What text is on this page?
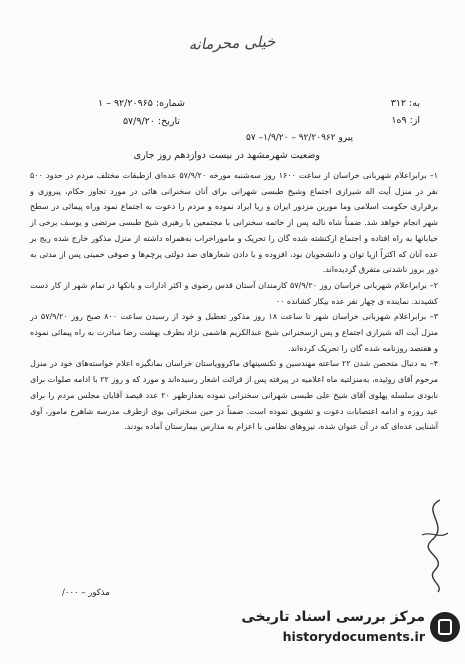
خیلی محرمانه
به: ۳۱۲
از: ۹ه۱
شماره: ۹۲/۲۰۹۶۵ – ۱
تاریخ: ۵۷/۹/۲۰
پیرو ۹۲/۲۰۹۶۲ – ۱/۹/۲۰– ۵۷
وضعیت شهرمشهد در بیست دوازدهم روز جاری

۱– برابراعلام شهربانی خراسان از ساعت ۱۶۰۰ روز سه‌شنبه مورخه ۵۷/۹/۲۰ عده‌ای ازطبقات مختلف مردم در حدود ۵۰۰ نفر در منزل آیت اله شیرازی اجتماع وشیخ طبسی شهرانی برای آنان سخنرانی هائی در مورد تجاوز حکام، پیروزی و برقراری حکومت اسلامی وما مورین مزدور ایران و ریا ایراد نموده و مردم را دعوت به اجتماع نمود وراه پیمائی در سطح شهر انجام خواهد شد. ضمناً شاه نالبه پس از خاتمه سخنرانی با مجتمعین با رهبری شیخ طبسی مرتضی و یوسف برخی از خیابانها به راه افتاده و اجتماع ارکنشته شده گان را تحریک و ماموراخراب به‌همراه داشته از منزل مذکور خارج شده ریج بر عده آنان که اکثراً ازیا توان و دانشجویان بود، افزوده و با دادن شعارهای ضد دولتی پرچم‌ها و صوفی خمینی پس از مدتی به دور بروز ناشدنی متفرق گردیده‌اند.

۲– برابراعلام شهربانی خراسان روز ۵۷/۹/۲۰ کارمندان آستان قدس رضوی و اکثر ادارات و بانکها در تمام شهر از کار دست کشیدند. نماینده ی چهار نفر عده بیکار کشانده ۰۰

۳– برابراعلام شهربانی خراسان شهر تا ساعت ۱۸ روز مذکور تعطیل و خود از رسیدن ساعت ۸۰۰ صبح روز ۵۷/۹/۲۰ در منزل آیت اله شیرازی اجتماع و پس ازسخنرانی شیخ عبدالکریم هاشمی نژاد بطرف بهشت رضا مبادرت به راه پیمائی نموده و هفتصد روزنامه شده گان را تحریک کرده‌اند.

۴– به دنبال متحصن شدن ۲۲ ساعته مهندسین و تکنسینهای ماکروویاستان خراسان بمانگیزه اعلام خواسته‌های خود در منزل مرحوم آقای زوئیده، به‌منزلتیه ماه اعلامیه در پیرفته پس از قرائت اشعار رسیده‌اند و مورد که و روز ۲۲ با ادامه صلوات برای نابودی سلسله پهلوی آقای شیخ علی طبسی شهرانی سخنرانی نموده بعدازظهر ۲۰ عدد قیصد آقایان مجلس مردم را برای عید روزه و ادامه اعتصابات دعوت و تشویق نموده است. ضمناً در حین سخنرانی بوی ازطرف مدرسه شاهرخ مامور، آوی آشنایی عده‌ای که در آن عنوان شده، نیروهای نظامی با اعزام به مدارس بیمارستان آماده بودند.

مذکور – ۰۰۰/
مرکز بررسی اسناد تاریخی
historydocuments.ir
